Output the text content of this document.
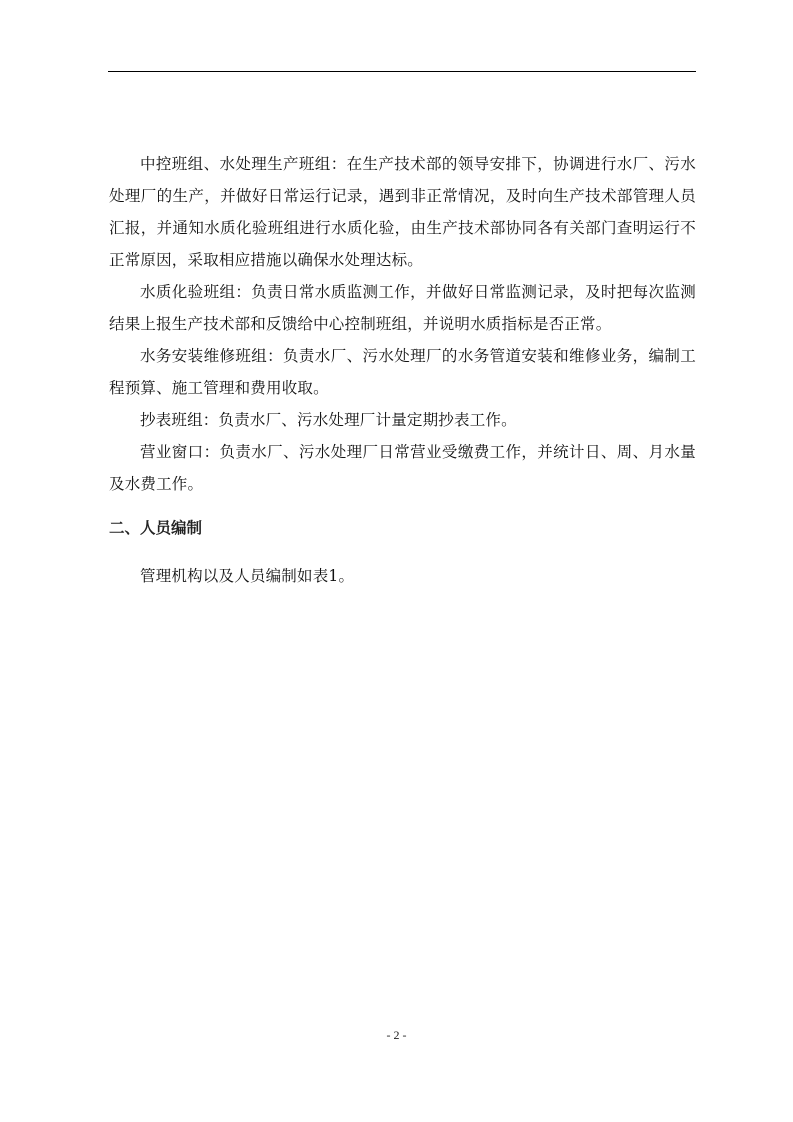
中控班组、水处理生产班组：在生产技术部的领导安排下，协调进行水厂、污水处理厂的生产，并做好日常运行记录，遇到非正常情况，及时向生产技术部管理人员汇报，并通知水质化验班组进行水质化验，由生产技术部协同各有关部门查明运行不正常原因，采取相应措施以确保水处理达标。

水质化验班组：负责日常水质监测工作，并做好日常监测记录，及时把每次监测结果上报生产技术部和反馈给中心控制班组，并说明水质指标是否正常。

水务安装维修班组：负责水厂、污水处理厂的水务管道安装和维修业务，编制工程预算、施工管理和费用收取。

抄表班组：负责水厂、污水处理厂计量定期抄表工作。

营业窗口：负责水厂、污水处理厂日常营业受缴费工作，并统计日、周、月水量及水费工作。

二、人员编制

管理机构以及人员编制如表1。

- 2 -
